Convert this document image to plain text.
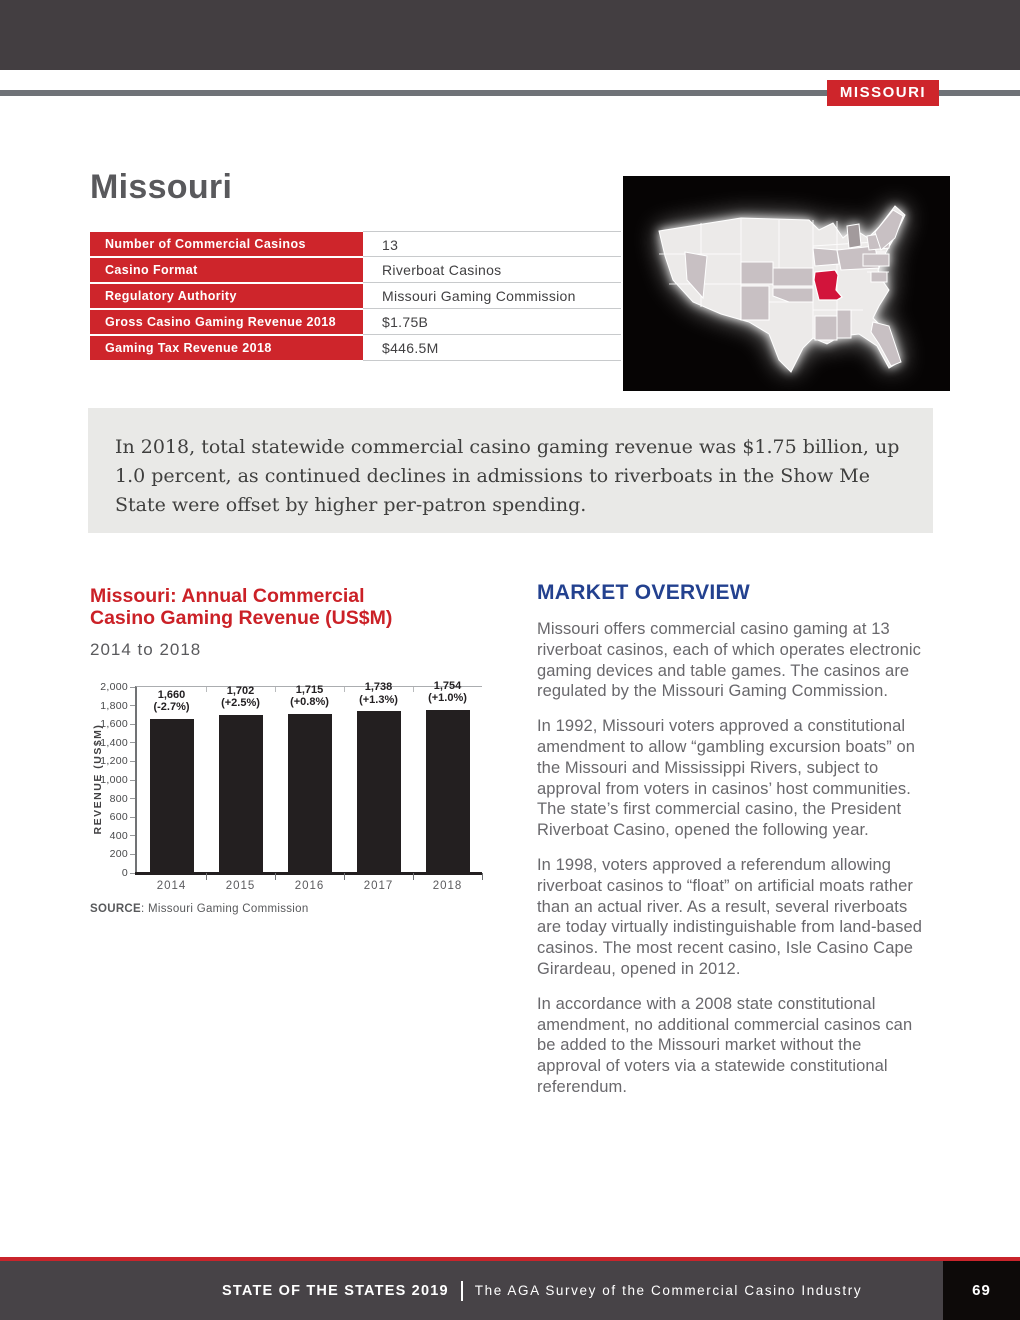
MISSOURI
Missouri
Number of Commercial Casinos	13
Casino Format	Riverboat Casinos
Regulatory Authority	Missouri Gaming Commission
Gross Casino Gaming Revenue 2018	$1.75B
Gaming Tax Revenue 2018	$446.5M

In 2018, total statewide commercial casino gaming revenue was $1.75 billion, up 1.0 percent, as continued declines in admissions to riverboats in the Show Me State were offset by higher per-patron spending.

Missouri: Annual Commercial
Casino Gaming Revenue (US$M)
2014 to 2018
REVENUE (US$M)
0
200
400
600
800
1,000
1,200
1,400
1,600
1,800
2,000
1,660
(-2.7%)
2014
1,702
(+2.5%)
2015
1,715
(+0.8%)
2016
1,738
(+1.3%)
2017
1,754
(+1.0%)
2018
SOURCE: Missouri Gaming Commission
MARKET OVERVIEW

Missouri offers commercial casino gaming at 13 riverboat casinos, each of which operates electronic gaming devices and table games. The casinos are regulated by the Missouri Gaming Commission.

In 1992, Missouri voters approved a constitutional amendment to allow “gambling excursion boats” on the Missouri and Mississippi Rivers, subject to approval from voters in casinos’ host communities. The state’s first commercial casino, the President Riverboat Casino, opened the following year.

In 1998, voters approved a referendum allowing riverboat casinos to “float” on artificial moats rather than an actual river. As a result, several riverboats are today virtually indistinguishable from land-based casinos. The most recent casino, Isle Casino Cape Girardeau, opened in 2012.

In accordance with a 2008 state constitutional amendment, no additional commercial casinos can be added to the Missouri market without the approval of voters via a statewide constitutional referendum.

STATE OF THE STATES 2019 The AGA Survey of the Commercial Casino Industry	69
